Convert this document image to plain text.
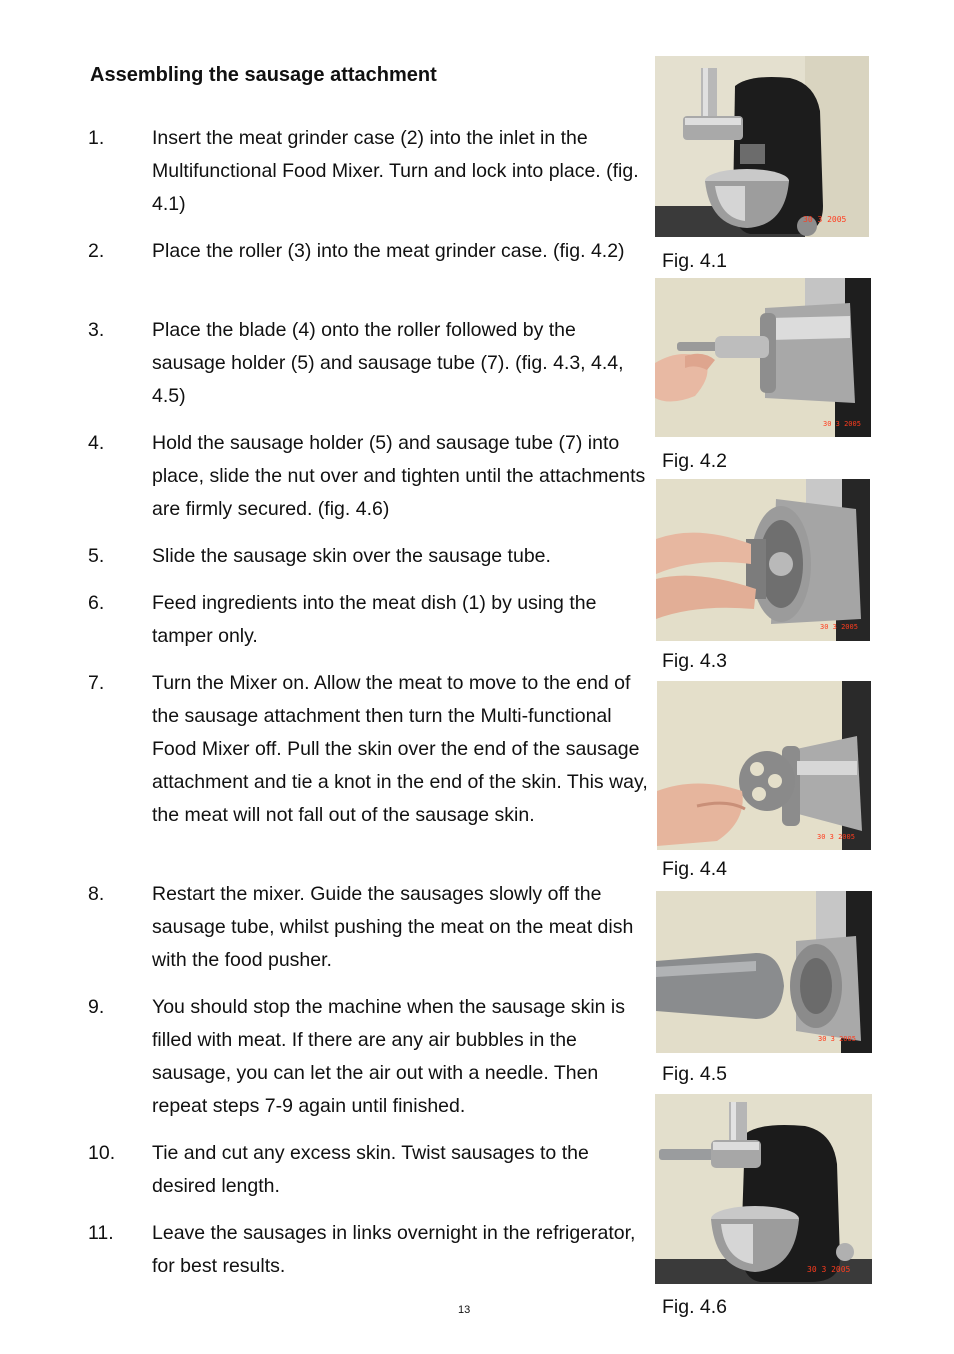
Assembling the sausage attachment
1. Insert the meat grinder case (2) into the inlet in the Multifunctional Food Mixer. Turn and lock into place. (fig. 4.1)
2. Place the roller (3) into the meat grinder case. (fig. 4.2)
3. Place the blade (4) onto the roller followed by the sausage holder (5) and sausage tube (7). (fig. 4.3, 4.4, 4.5)
4. Hold the sausage holder (5) and sausage tube (7) into place, slide the nut over and tighten until the attachments are firmly secured. (fig. 4.6)
5. Slide the sausage skin over the sausage tube.
6. Feed ingredients into the meat dish (1) by using the tamper only.
7. Turn the Mixer on. Allow the meat to move to the end of the sausage attachment then turn the Multi-functional Food Mixer off. Pull the skin over the end of the sausage attachment and tie a knot in the end of the skin. This way, the meat will not fall out of the sausage skin.
8. Restart the mixer. Guide the sausages slowly off the sausage tube, whilst pushing the meat on the meat dish with the food pusher.
9. You should stop the machine when the sausage skin is filled with meat. If there are any air bubbles in the sausage, you can let the air out with a needle. Then repeat steps 7-9 again until finished.
10. Tie and cut any excess skin. Twist sausages to the desired length.
11. Leave the sausages in links overnight in the refrigerator, for best results.
30 3 2005
Fig. 4.1
30 3 2005
Fig. 4.2
30 3 2005
Fig. 4.3
30 3 2005
Fig. 4.4
30 3 2005
Fig. 4.5
30 3 2005
Fig. 4.6
13
